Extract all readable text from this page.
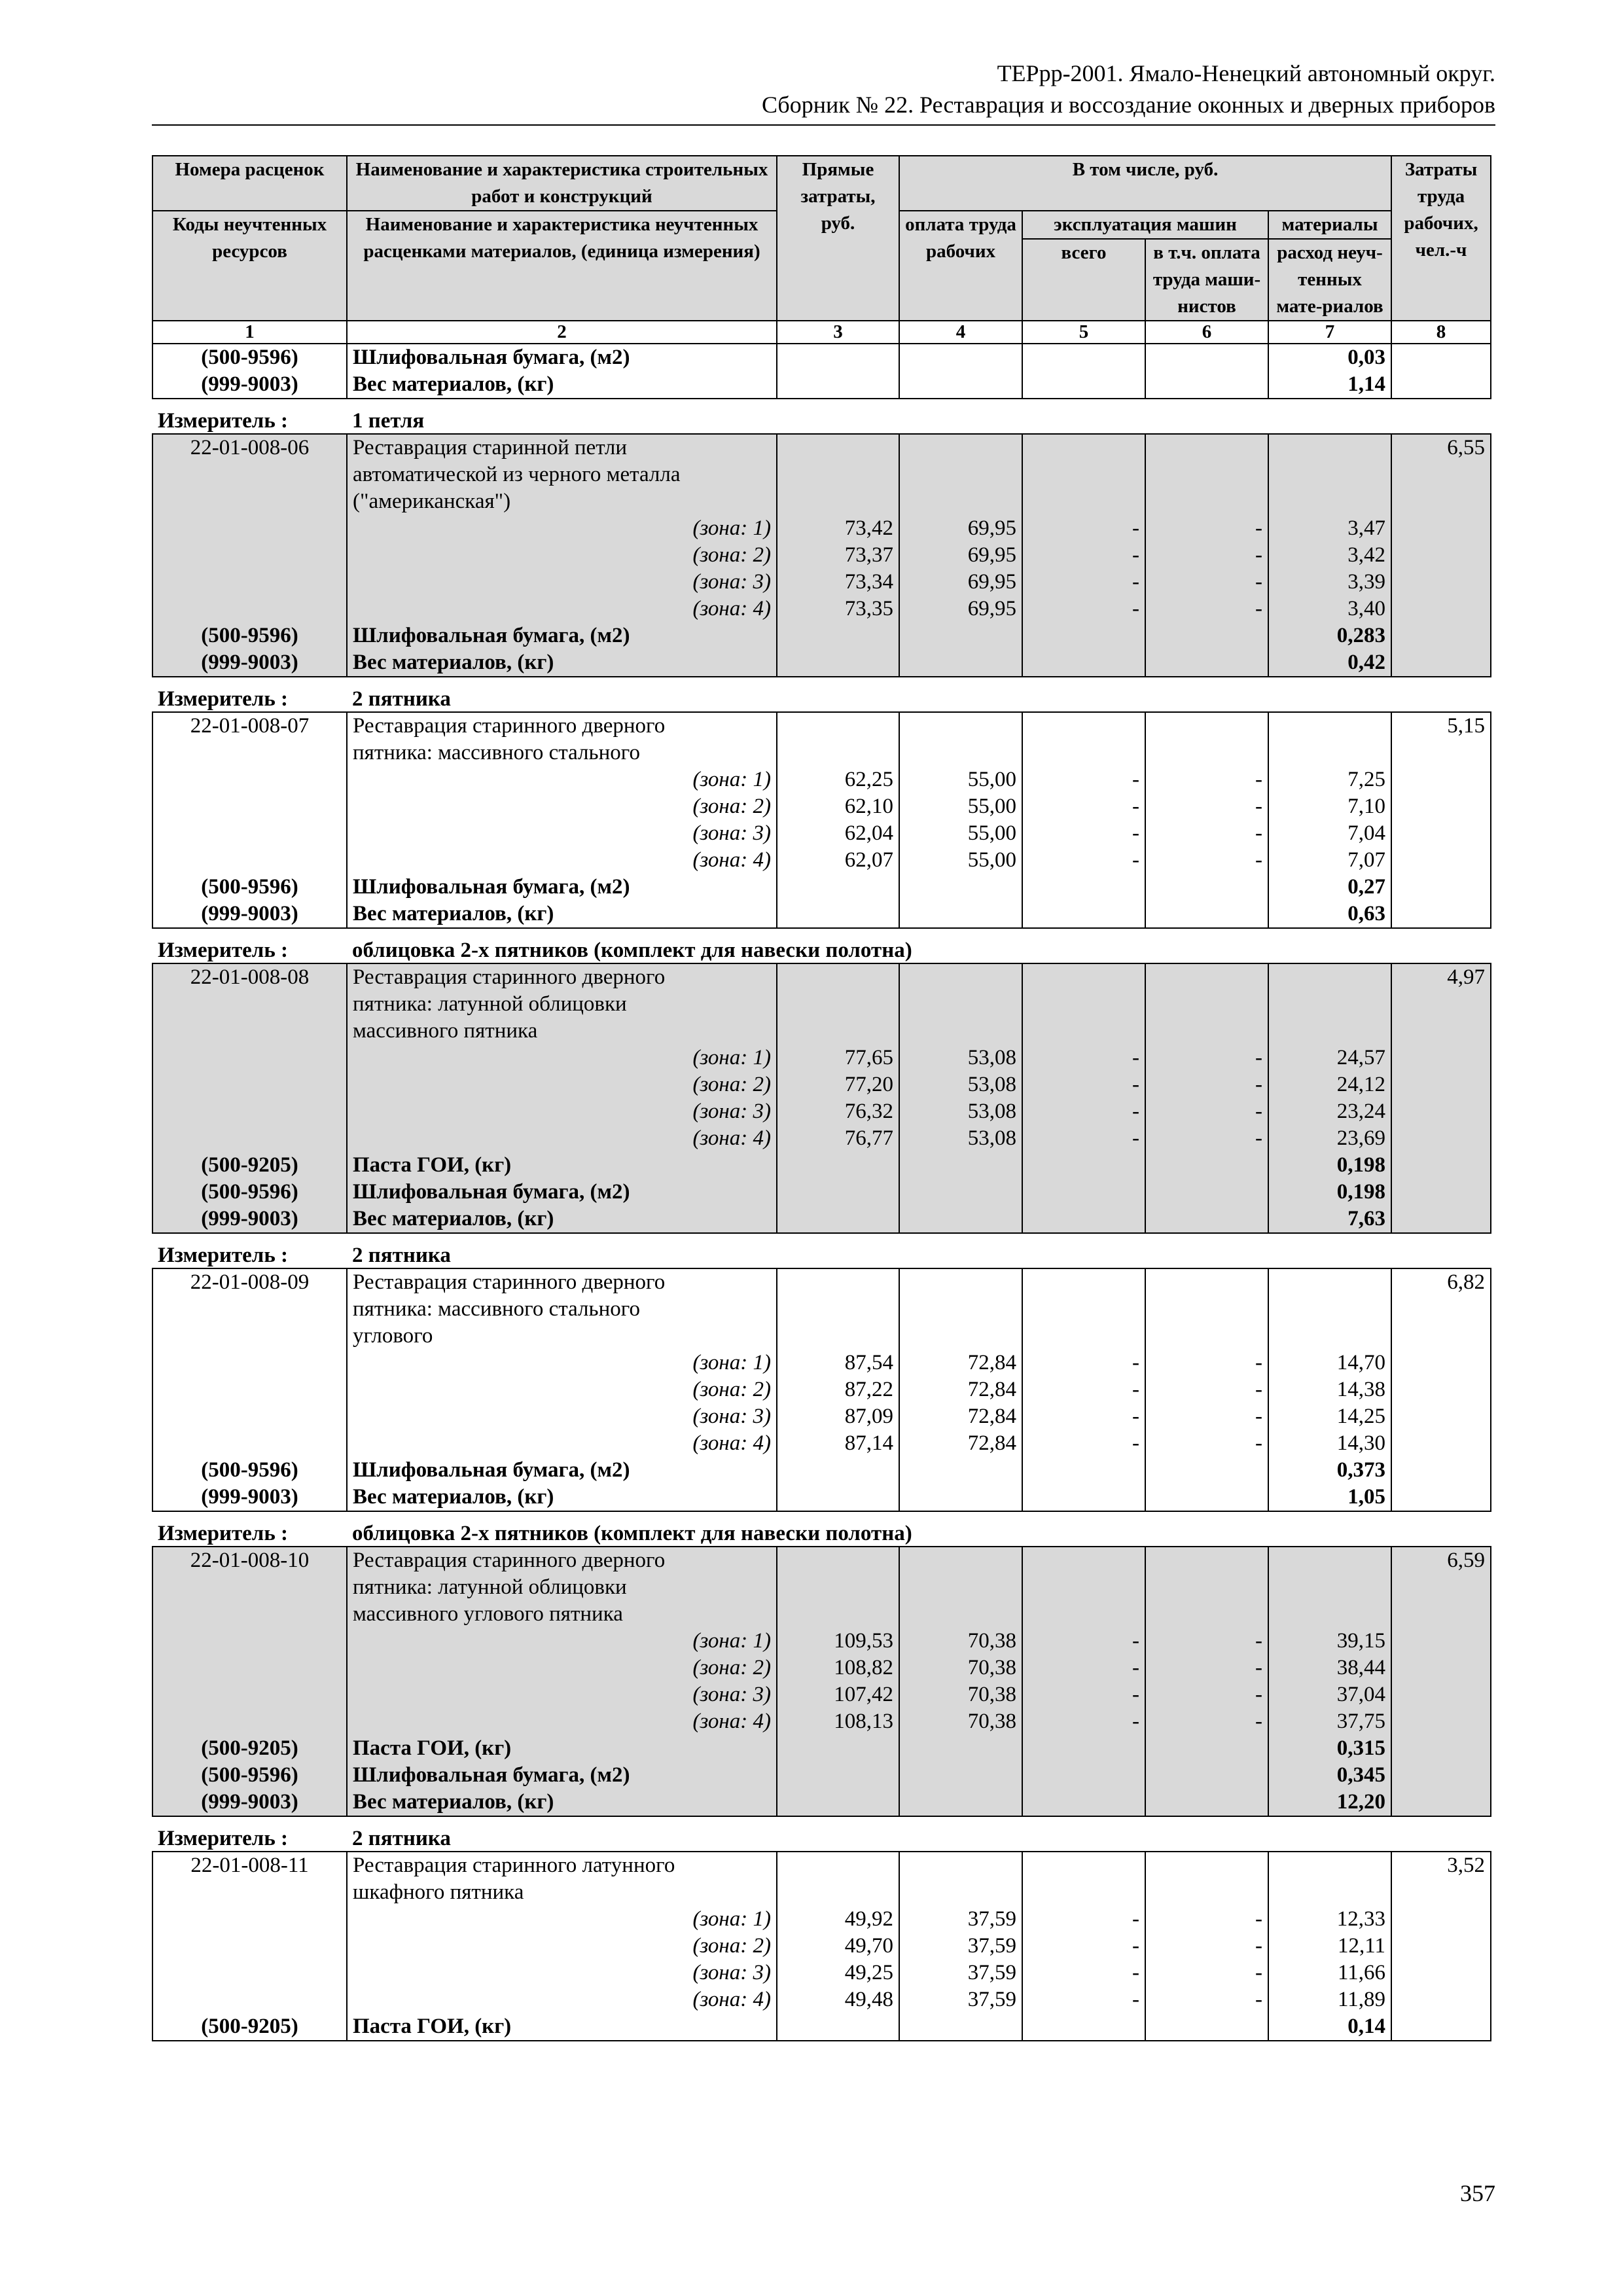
ТЕРрр-2001. Ямало-Ненецкий автономный округ.
Сборник № 22. Реставрация и воссоздание оконных и дверных приборов
Номера расценок	Наименование и характеристика строительных работ и конструкций	Прямые затраты, руб.	В том числе, руб.				Затраты труда рабочих, чел.-ч
Коды неучтенных ресурсов	Наименование и характеристика неучтенных расценками материалов, (единица измерения)		оплата труда рабочих	эксплуатация машин		материалы	
				всего	в т.ч. оплата труда маши-нистов	расход неуч-тенных мате-риалов	
1	2	3	4	5	6	7	8
(500-9596)	Шлифовальная бумага, (м2)					0,03	
(999-9003)	Вес материалов, (кг)					1,14	
Измеритель :	1 петля						
22-01-008-06	Реставрация старинной петли						6,55
	автоматической из черного металла						
	("американская")						
	(зона: 1)	73,42	69,95	-	-	3,47	
	(зона: 2)	73,37	69,95	-	-	3,42	
	(зона: 3)	73,34	69,95	-	-	3,39	
	(зона: 4)	73,35	69,95	-	-	3,40	
(500-9596)	Шлифовальная бумага, (м2)					0,283	
(999-9003)	Вес материалов, (кг)					0,42	
Измеритель :	2 пятника						
22-01-008-07	Реставрация старинного дверного						5,15
	пятника: массивного стального						
	(зона: 1)	62,25	55,00	-	-	7,25	
	(зона: 2)	62,10	55,00	-	-	7,10	
	(зона: 3)	62,04	55,00	-	-	7,04	
	(зона: 4)	62,07	55,00	-	-	7,07	
(500-9596)	Шлифовальная бумага, (м2)					0,27	
(999-9003)	Вес материалов, (кг)					0,63	
Измеритель :	облицовка 2-х пятников (комплект для навески полотна)						
22-01-008-08	Реставрация старинного дверного						4,97
	пятника: латунной облицовки						
	массивного пятника						
	(зона: 1)	77,65	53,08	-	-	24,57	
	(зона: 2)	77,20	53,08	-	-	24,12	
	(зона: 3)	76,32	53,08	-	-	23,24	
	(зона: 4)	76,77	53,08	-	-	23,69	
(500-9205)	Паста ГОИ, (кг)					0,198	
(500-9596)	Шлифовальная бумага, (м2)					0,198	
(999-9003)	Вес материалов, (кг)					7,63	
Измеритель :	2 пятника						
22-01-008-09	Реставрация старинного дверного						6,82
	пятника: массивного стального						
	углового						
	(зона: 1)	87,54	72,84	-	-	14,70	
	(зона: 2)	87,22	72,84	-	-	14,38	
	(зона: 3)	87,09	72,84	-	-	14,25	
	(зона: 4)	87,14	72,84	-	-	14,30	
(500-9596)	Шлифовальная бумага, (м2)					0,373	
(999-9003)	Вес материалов, (кг)					1,05	
Измеритель :	облицовка 2-х пятников (комплект для навески полотна)						
22-01-008-10	Реставрация старинного дверного						6,59
	пятника: латунной облицовки						
	массивного углового пятника						
	(зона: 1)	109,53	70,38	-	-	39,15	
	(зона: 2)	108,82	70,38	-	-	38,44	
	(зона: 3)	107,42	70,38	-	-	37,04	
	(зона: 4)	108,13	70,38	-	-	37,75	
(500-9205)	Паста ГОИ, (кг)					0,315	
(500-9596)	Шлифовальная бумага, (м2)					0,345	
(999-9003)	Вес материалов, (кг)					12,20	
Измеритель :	2 пятника						
22-01-008-11	Реставрация старинного латунного						3,52
	шкафного пятника						
	(зона: 1)	49,92	37,59	-	-	12,33	
	(зона: 2)	49,70	37,59	-	-	12,11	
	(зона: 3)	49,25	37,59	-	-	11,66	
	(зона: 4)	49,48	37,59	-	-	11,89	
(500-9205)	Паста ГОИ, (кг)					0,14	
357
